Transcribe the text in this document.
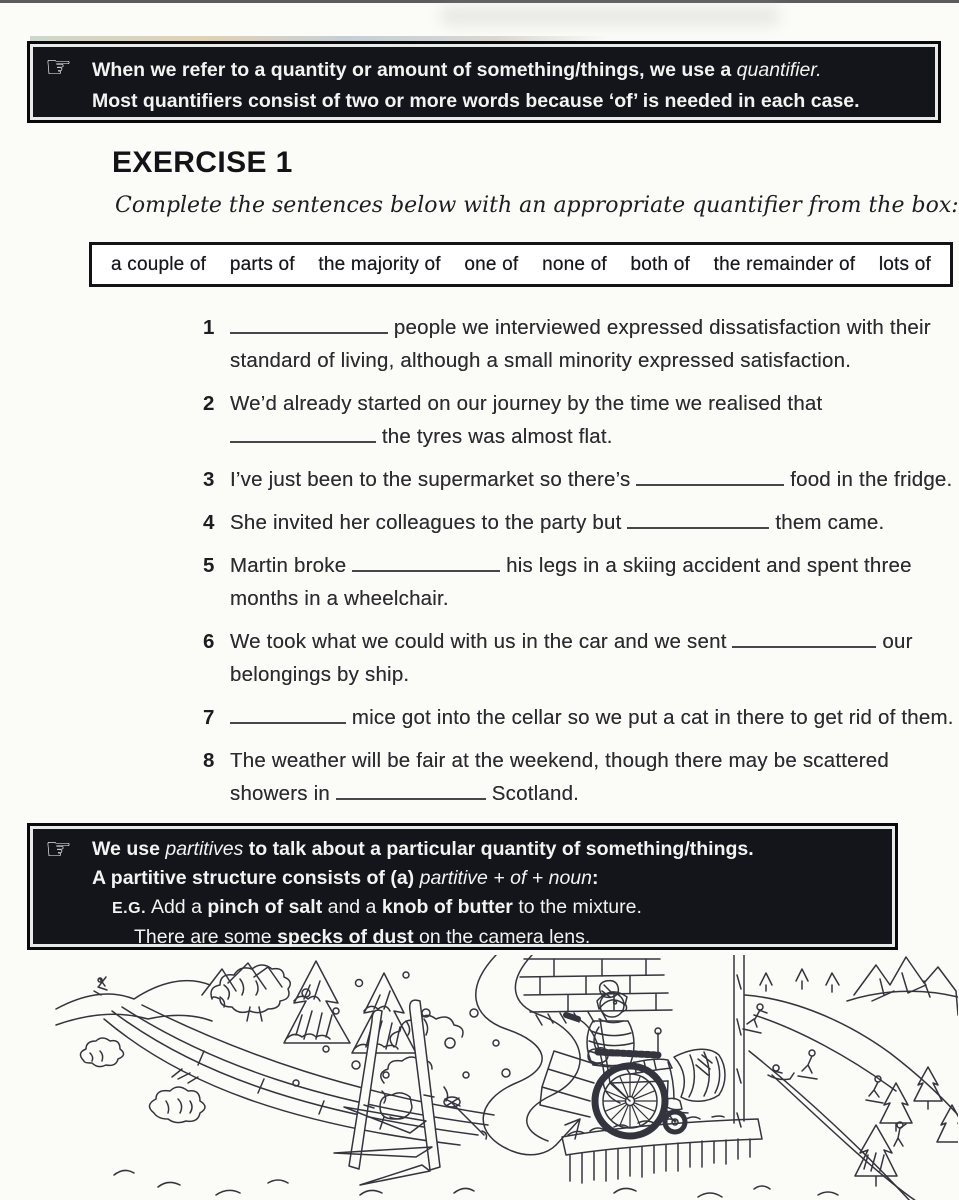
☞ When we refer to a quantity or amount of something/things, we use a quantifier.
Most quantifiers consist of two or more words because ‘of’ is needed in each case.
EXERCISE 1
Complete the sentences below with an appropriate quantifier from the box:
a couple of parts of the majority of one of none of both of the remainder of lots of
1	people we interviewed expressed dissatisfaction with their
standard of living, although a small minority expressed satisfaction.
2 We’d already started on our journey by the time we realised that
the tyres was almost flat.
3 I’ve just been to the supermarket so there’s	food in the fridge.
4 She invited her colleagues to the party but	them came.
5 Martin broke	his legs in a skiing accident and spent three
months in a wheelchair.
6 We took what we could with us in the car and we sent	our
belongings by ship.
7	mice got into the cellar so we put a cat in there to get rid of them.
8 The weather will be fair at the weekend, though there may be scattered
showers in	Scotland.
☞ We use partitives to talk about a particular quantity of something/things.
A partitive structure consists of (a) partitive + of + noun:
E.G. Add a pinch of salt and a knob of butter to the mixture.
There are some specks of dust on the camera lens.
